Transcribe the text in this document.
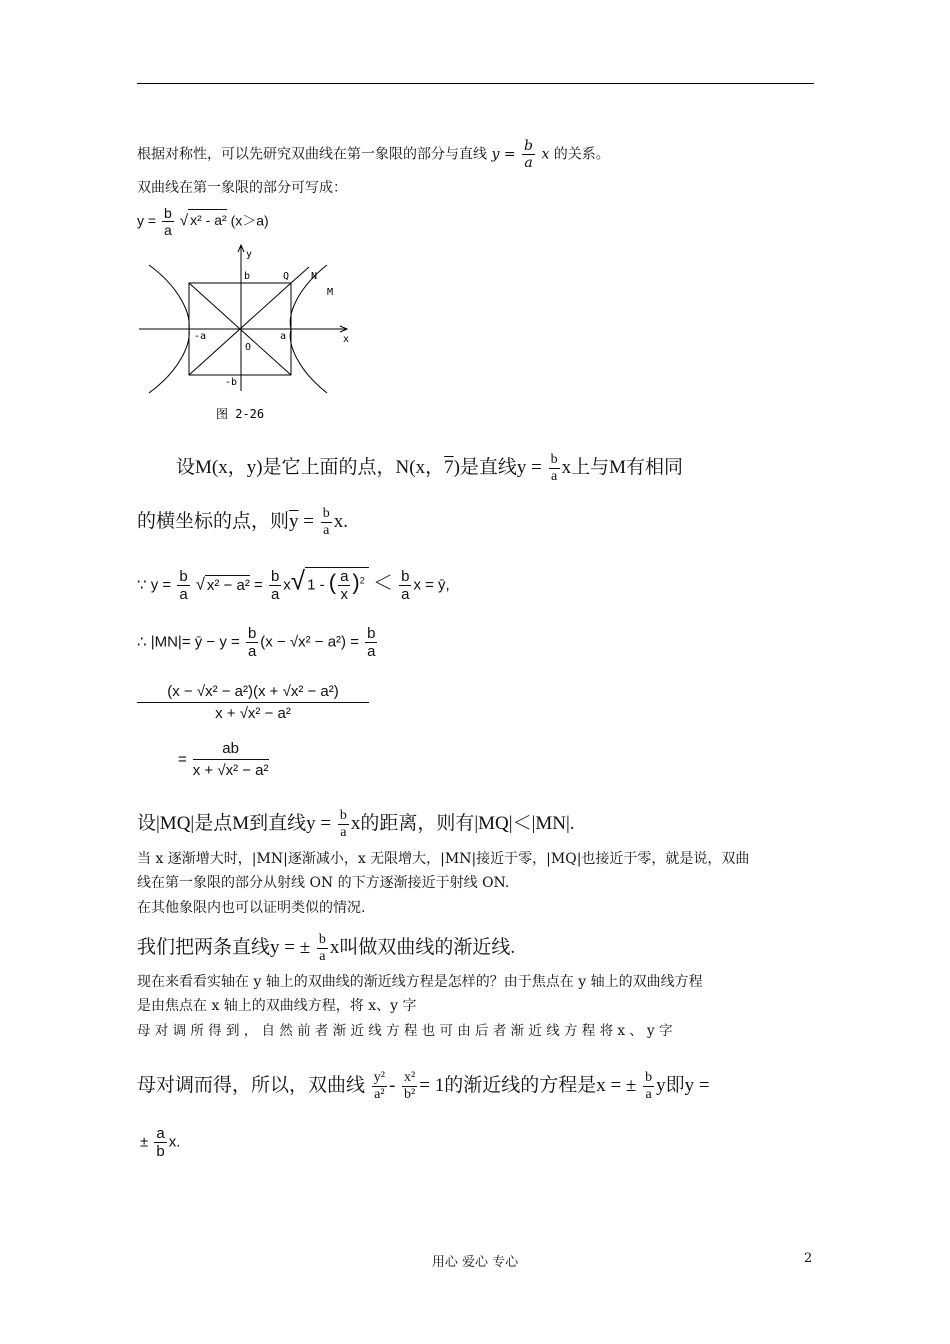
根据对称性，可以先研究双曲线在第一象限的部分与直线 $y = \frac{b}{a}$ x 的关系。
双曲线在第一象限的部分可写成：
$y = \frac{b}{a}$ √ x² - a² (x＞a)
y
b	Q N
M
-a	a
O
x
-b
图 2-26
设M(x，y)是它上面的点，N(x，7)是直线$y = \frac{b}{a}$ x上与M有相同
的横坐标的点，则$\overline{y} = \frac{b}{a} x$.
∵ $y = \frac{b}{a}$ √ $x^2 - a^2 = \frac{b}{a} x√$ 1 - ( $\frac{a}{x} )^2 < \frac{b}{a}$ x = ȳ,
∴ |MN|= ȳ − $y = \frac{b}{a} (x - √x^2 - a^2) = \frac{b}{a}$
$\frac{\text{(x − √x² − a²)(x + √x² − a²)}}{\text{x + √x² − a²}}$
= $\frac{ab}{\text{x + √x² − a²}}$
设|MQ|是点M到直线$y = \frac{b}{a}$ x的距离，则有|MQ|＜|MN|.
当 x 逐渐增大时，|MN|逐渐减小，x 无限增大，|MN|接近于零，|MQ|也接近于零，就是说，双曲
线在第一象限的部分从射线 ON 的下方逐渐接近于射线 ON.
在其他象限内也可以证明类似的情况.
我们把两条直线y = ± $\frac{b}{a}$ x叫做双曲线的渐近线.
现在来看看实轴在 y 轴上的双曲线的渐近线方程是怎样的？由于焦点在 y 轴上的双曲线方程
是由焦点在 x 轴上的双曲线方程，将 x、y 字
母 对 调 所 得 到 ， 自 然 前 者 渐 近 线 方 程 也 可 由 后 者 渐 近 线 方 程 将 x 、 y 字
母对调而得，所以，双曲线 $\frac{\text{y²}}{\text{a²}} - \frac{\text{x²}}{\text{b²}} = 1$的渐近线的方程是x = ± $\frac{b}{a}$ y即y =
± $\frac{a}{b} x$.
用心 爱心 专心	2
